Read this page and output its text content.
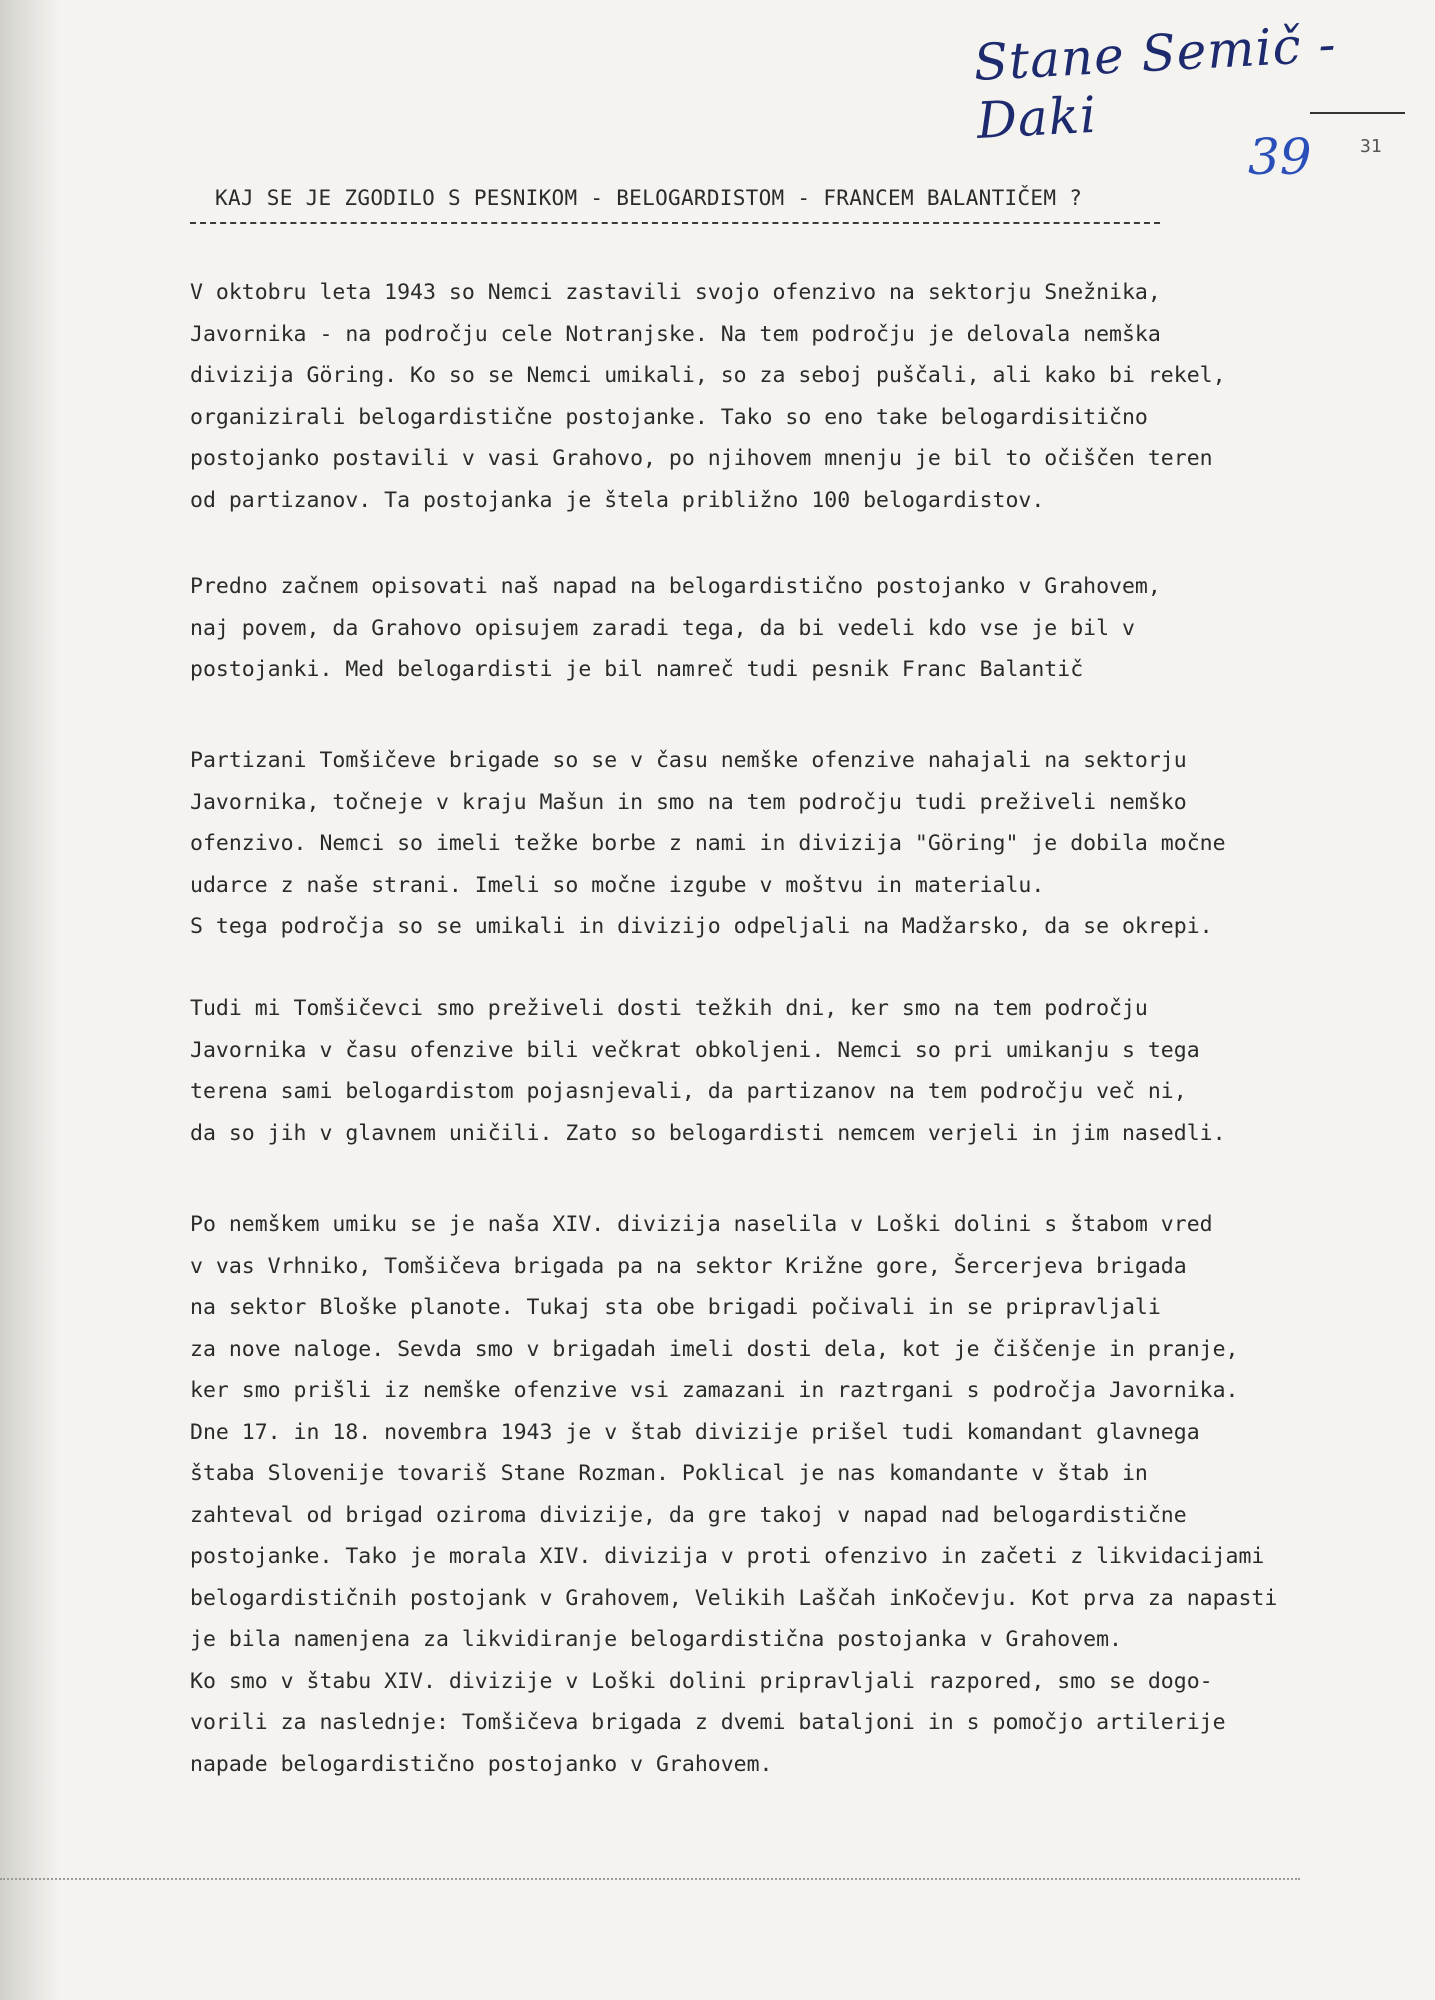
Stane Semič - Daki
39	31
KAJ SE JE ZGODILO S PESNIKOM - BELOGARDISTOM - FRANCEM BALANTIČEM ?
V oktobru leta 1943 so Nemci zastavili svojo ofenzivo na sektorju Snežnika,
Javornika - na področju cele Notranjske. Na tem področju je delovala nemška
divizija Göring. Ko so se Nemci umikali, so za seboj puščali, ali kako bi rekel,
organizirali belogardistične postojanke. Tako so eno take belogardisitično
postojanko postavili v vasi Grahovo, po njihovem mnenju je bil to očiščen teren
od partizanov. Ta postojanka je štela približno 100 belogardistov.
Predno začnem opisovati naš napad na belogardistično postojanko v Grahovem,
naj povem, da Grahovo opisujem zaradi tega, da bi vedeli kdo vse je bil v
postojanki. Med belogardisti je bil namreč tudi pesnik Franc Balantič
Partizani Tomšičeve brigade so se v času nemške ofenzive nahajali na sektorju
Javornika, točneje v kraju Mašun in smo na tem področju tudi preživeli nemško
ofenzivo. Nemci so imeli težke borbe z nami in divizija "Göring" je dobila močne
udarce z naše strani. Imeli so močne izgube v moštvu in materialu.
S tega področja so se umikali in divizijo odpeljali na Madžarsko, da se okrepi.
Tudi mi Tomšičevci smo preživeli dosti težkih dni, ker smo na tem področju
Javornika v času ofenzive bili večkrat obkoljeni. Nemci so pri umikanju s tega
terena sami belogardistom pojasnjevali, da partizanov na tem področju več ni,
da so jih v glavnem uničili. Zato so belogardisti nemcem verjeli in jim nasedli.
Po nemškem umiku se je naša XIV. divizija naselila v Loški dolini s štabom vred
v vas Vrhniko, Tomšičeva brigada pa na sektor Križne gore, Šercerjeva brigada
na sektor Bloške planote. Tukaj sta obe brigadi počivali in se pripravljali
za nove naloge. Sevda smo v brigadah imeli dosti dela, kot je čiščenje in pranje,
ker smo prišli iz nemške ofenzive vsi zamazani in raztrgani s področja Javornika.
Dne 17. in 18. novembra 1943 je v štab divizije prišel tudi komandant glavnega
štaba Slovenije tovariš Stane Rozman. Poklical je nas komandante v štab in
zahteval od brigad oziroma divizije, da gre takoj v napad nad belogardistične
postojanke. Tako je morala XIV. divizija v proti ofenzivo in začeti z likvidacijami
belogardističnih postojank v Grahovem, Velikih Laščah inKočevju. Kot prva za napasti
je bila namenjena za likvidiranje belogardistična postojanka v Grahovem.
Ko smo v štabu XIV. divizije v Loški dolini pripravljali razpored, smo se dogo-
vorili za naslednje: Tomšičeva brigada z dvemi bataljoni in s pomočjo artilerije
napade belogardistično postojanko v Grahovem.
